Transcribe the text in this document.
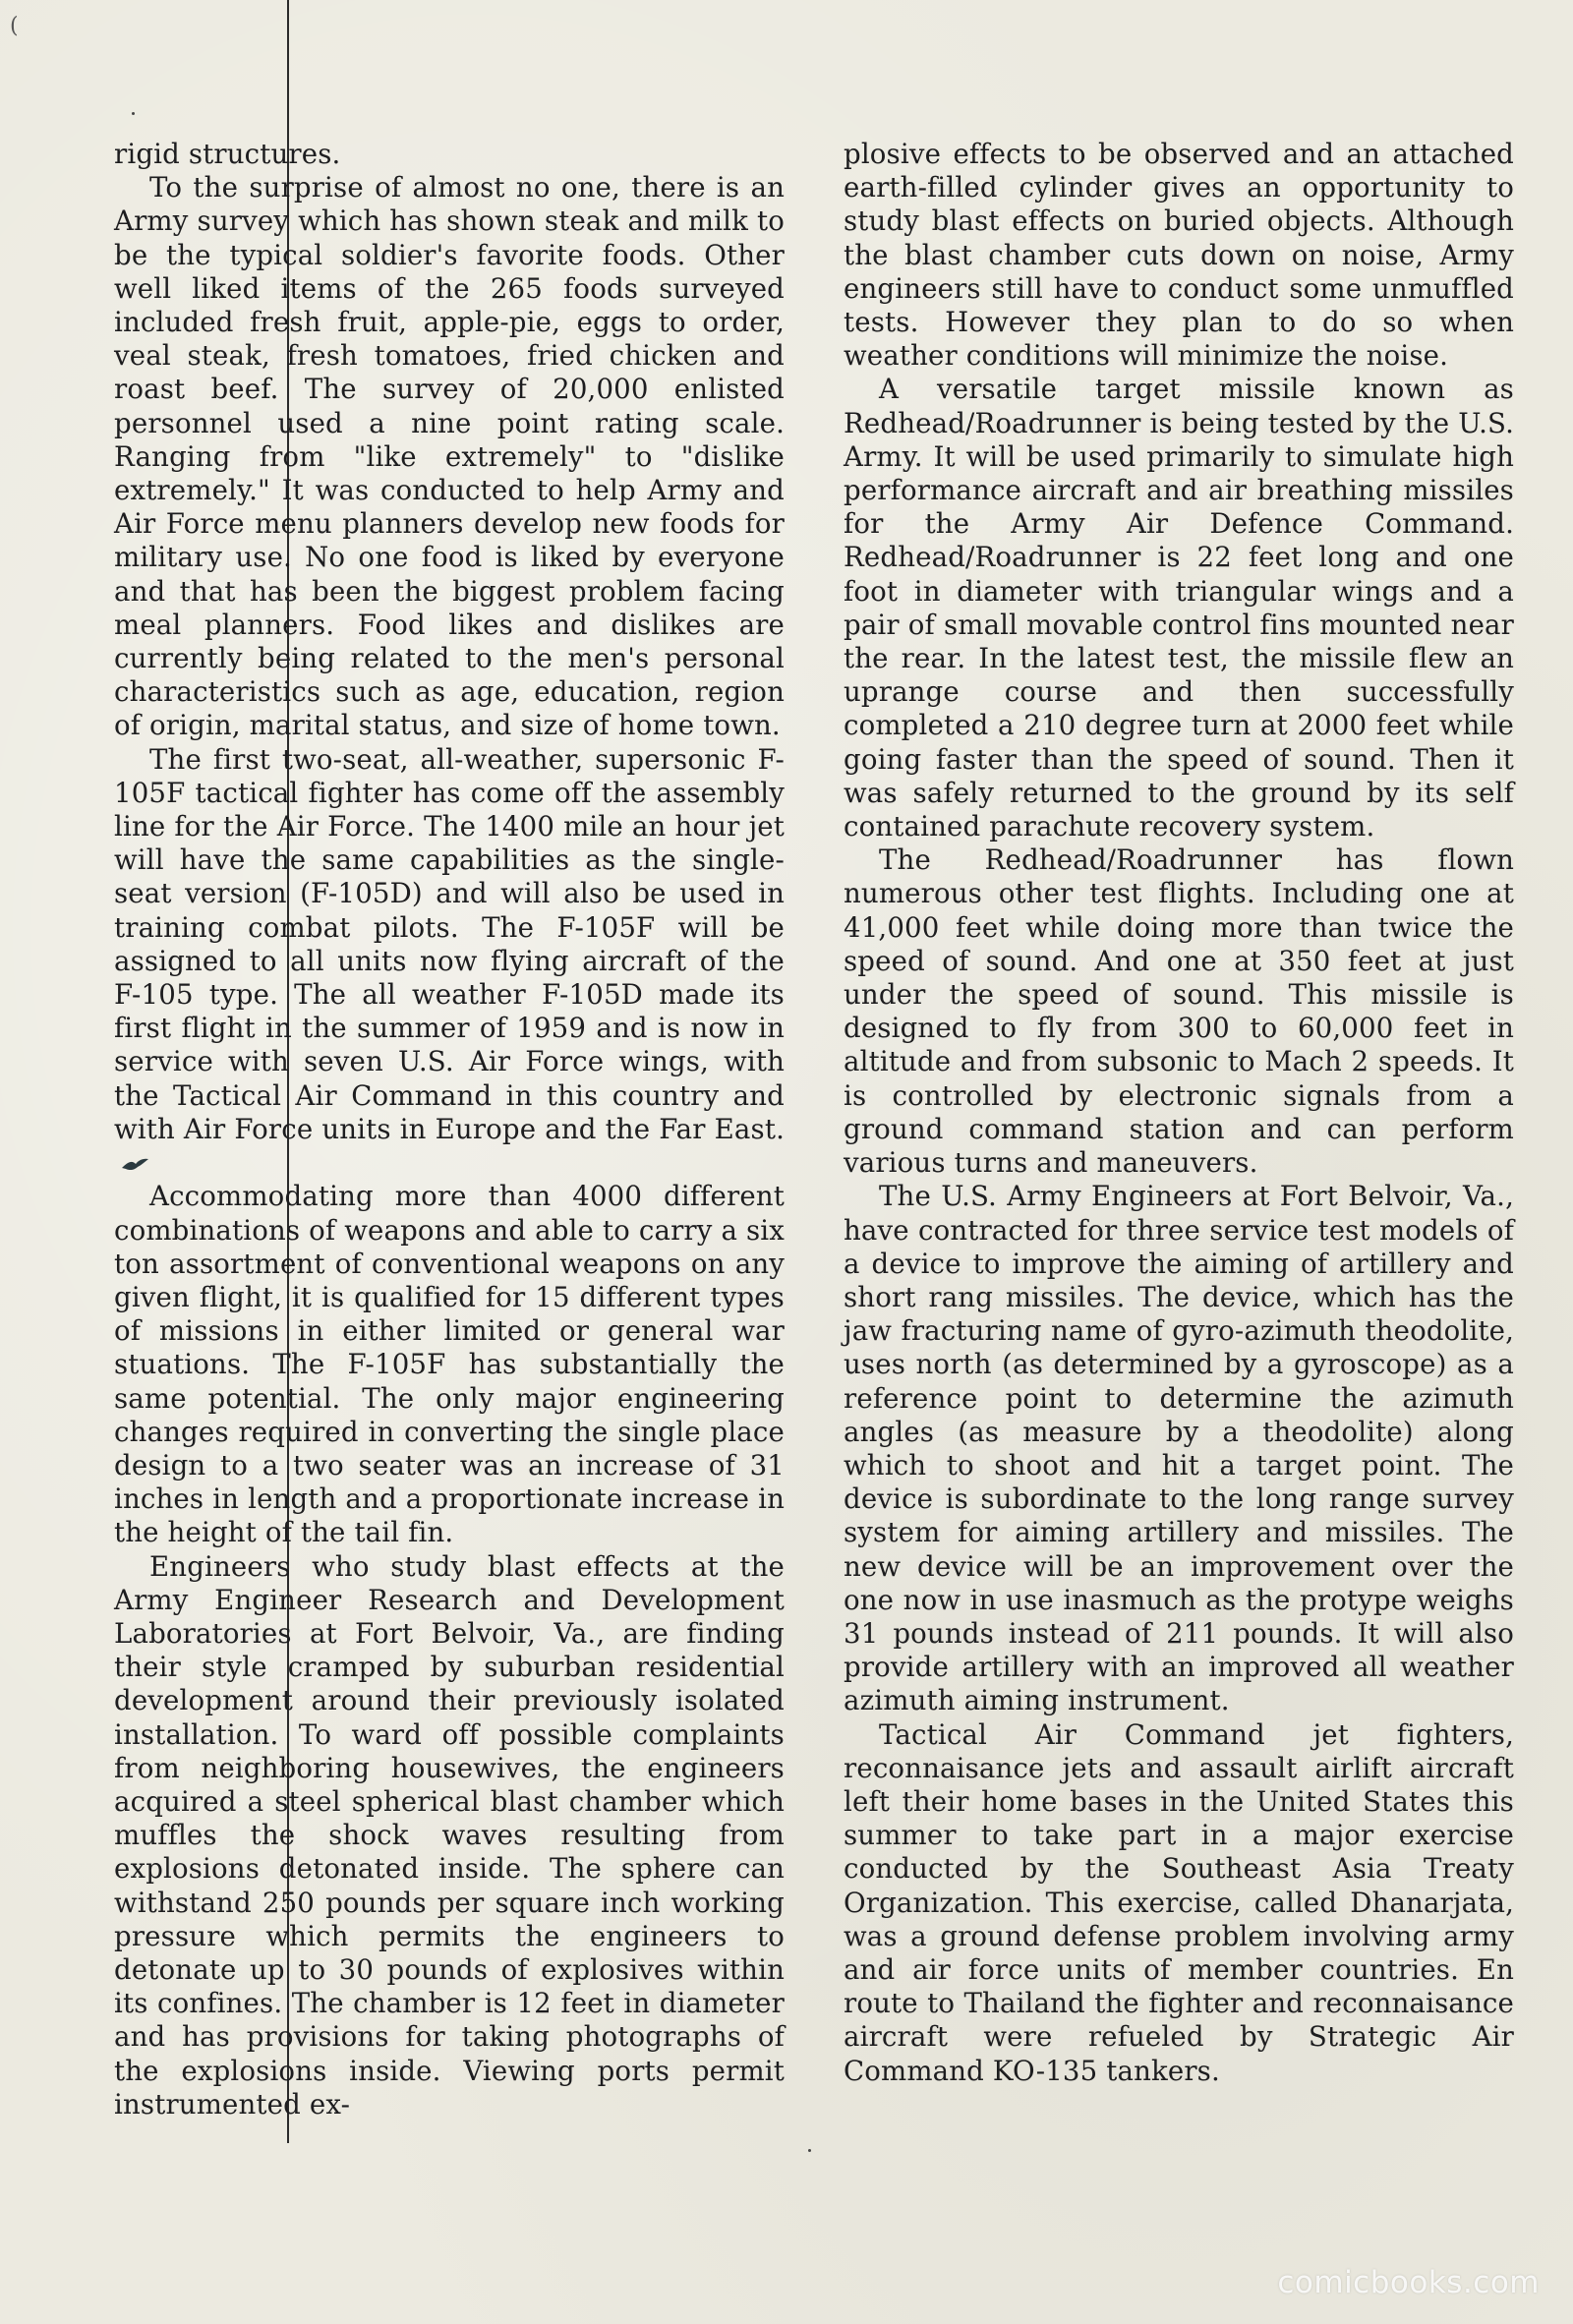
(

rigid structures.

To the surprise of almost no one, there is an Army survey which has shown steak and milk to be the typical soldier's favorite foods. Other well liked items of the 265 foods surveyed included fresh fruit, apple-pie, eggs to order, veal steak, fresh tomatoes, fried chicken and roast beef. The survey of 20,000 enlisted personnel used a nine point rating scale. Ranging from "like extremely" to "dislike extremely." It was conducted to help Army and Air Force menu planners develop new foods for military use. No one food is liked by everyone and that has been the biggest problem facing meal planners. Food likes and dislikes are currently being related to the men's personal characteristics such as age, education, region of origin, marital status, and size of home town.

The first two-seat, all-weather, supersonic F-105F tactical fighter has come off the assembly line for the Air Force. The 1400 mile an hour jet will have the same capabilities as the single-seat version (F-105D) and will also be used in training combat pilots. The F-105F will be assigned to all units now flying aircraft of the F-105 type. The all weather F-105D made its first flight in the summer of 1959 and is now in service with seven U.S. Air Force wings, with the Tactical Air Command in this country and with Air Force units in Europe and the Far East.

Accommodating more than 4000 different combinations of weapons and able to carry a six ton assortment of conventional weapons on any given flight, it is qualified for 15 different types of missions in either limited or general war stuations. The F-105F has substantially the same potential. The only major engineering changes required in converting the single place design to a two seater was an increase of 31 inches in length and a proportionate increase in the height of the tail fin.

Engineers who study blast effects at the Army Engineer Research and Development Laboratories at Fort Belvoir, Va., are finding their style cramped by suburban residential development around their previously isolated installation. To ward off possible complaints from neighboring housewives, the engineers acquired a steel spherical blast chamber which muffles the shock waves resulting from explosions detonated inside. The sphere can withstand 250 pounds per square inch working pressure which permits the engineers to detonate up to 30 pounds of explosives within its confines. The chamber is 12 feet in diameter and has provisions for taking photographs of the explosions inside. Viewing ports permit instrumented ex-

plosive effects to be observed and an attached earth-filled cylinder gives an opportunity to study blast effects on buried objects. Although the blast chamber cuts down on noise, Army engineers still have to conduct some unmuffled tests. However they plan to do so when weather conditions will minimize the noise.

A versatile target missile known as Redhead/Roadrunner is being tested by the U.S. Army. It will be used primarily to simulate high performance aircraft and air breathing missiles for the Army Air Defence Command. Redhead/Roadrunner is 22 feet long and one foot in diameter with triangular wings and a pair of small movable control fins mounted near the rear. In the latest test, the missile flew an uprange course and then successfully completed a 210 degree turn at 2000 feet while going faster than the speed of sound. Then it was safely returned to the ground by its self contained parachute recovery system.

The Redhead/Roadrunner has flown numerous other test flights. Including one at 41,000 feet while doing more than twice the speed of sound. And one at 350 feet at just under the speed of sound. This missile is designed to fly from 300 to 60,000 feet in altitude and from subsonic to Mach 2 speeds. It is controlled by electronic signals from a ground command station and can perform various turns and maneuvers.

The U.S. Army Engineers at Fort Belvoir, Va., have contracted for three service test models of a device to improve the aiming of artillery and short rang missiles. The device, which has the jaw fracturing name of gyro-azimuth theodolite, uses north (as determined by a gyroscope) as a reference point to determine the azimuth angles (as measure by a theodolite) along which to shoot and hit a target point. The device is subordinate to the long range survey system for aiming artillery and missiles. The new device will be an improvement over the one now in use inasmuch as the protype weighs 31 pounds instead of 211 pounds. It will also provide artillery with an improved all weather azimuth aiming instrument.

Tactical Air Command jet fighters, reconnaisance jets and assault airlift aircraft left their home bases in the United States this summer to take part in a major exercise conducted by the Southeast Asia Treaty Organization. This exercise, called Dhanarjata, was a ground defense problem involving army and air force units of member countries. En route to Thailand the fighter and reconnaisance aircraft were refueled by Strategic Air Command KO-135 tankers.

comicbooks.com
